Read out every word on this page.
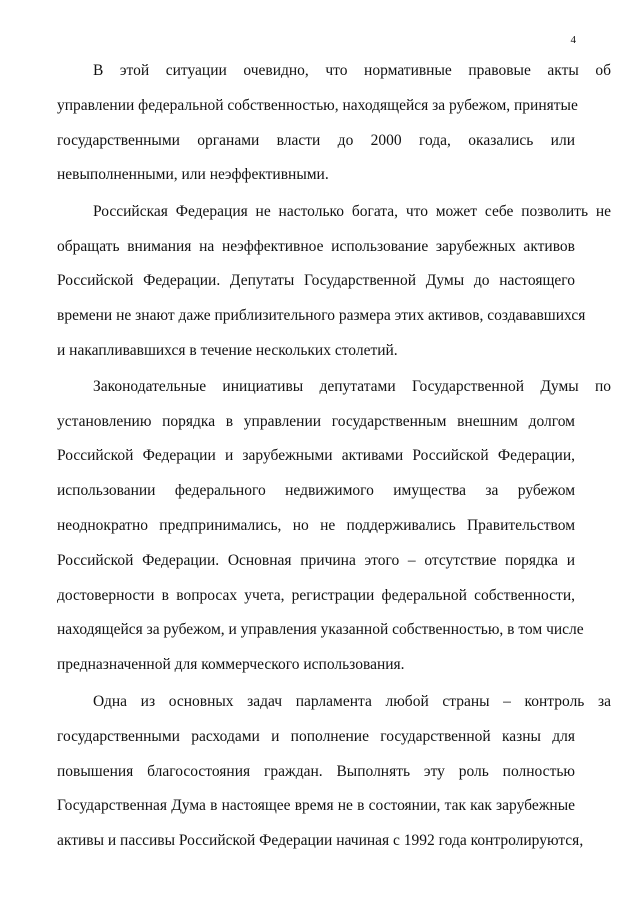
4
В этой ситуации очевидно, что нормативные правовые акты об
управлении федеральной собственностью, находящейся за рубежом, принятые
государственными органами власти до 2000 года, оказались или
невыполненными, или неэффективными.
Российская Федерация не настолько богата, что может себе позволить не
обращать внимания на неэффективное использование зарубежных активов
Российской Федерации. Депутаты Государственной Думы до настоящего
времени не знают даже приблизительного размера этих активов, создававшихся
и накапливавшихся в течение нескольких столетий.
Законодательные инициативы депутатами Государственной Думы по
установлению порядка в управлении государственным внешним долгом
Российской Федерации и зарубежными активами Российской Федерации,
использовании федерального недвижимого имущества за рубежом
неоднократно предпринимались, но не поддерживались Правительством
Российской Федерации. Основная причина этого – отсутствие порядка и
достоверности в вопросах учета, регистрации федеральной собственности,
находящейся за рубежом, и управления указанной собственностью, в том числе
предназначенной для коммерческого использования.
Одна из основных задач парламента любой страны – контроль за
государственными расходами и пополнение государственной казны для
повышения благосостояния граждан. Выполнять эту роль полностью
Государственная Дума в настоящее время не в состоянии, так как зарубежные
активы и пассивы Российской Федерации начиная с 1992 года контролируются,
